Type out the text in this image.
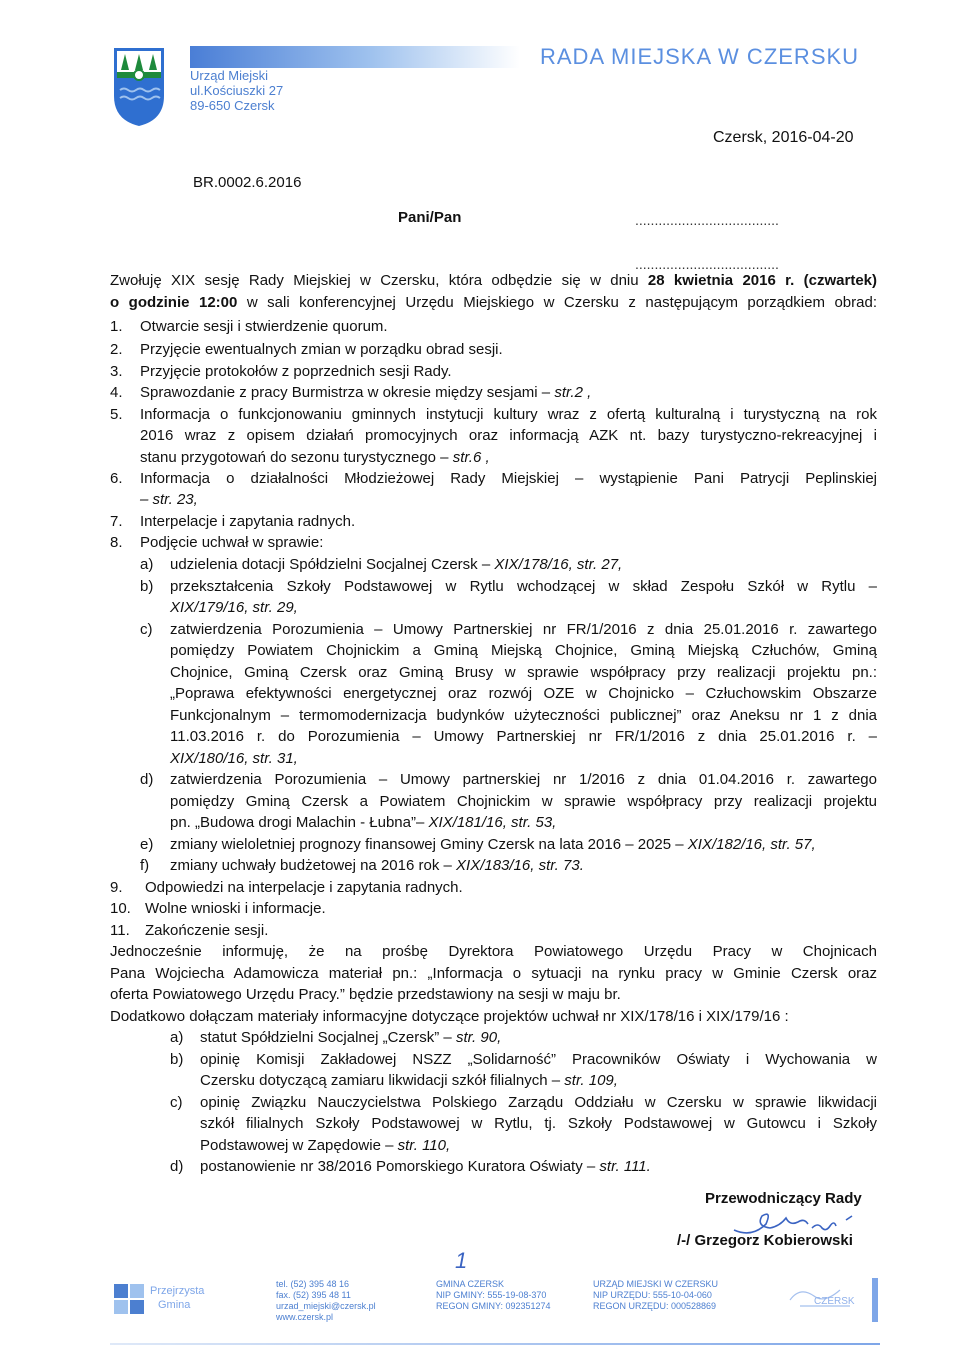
Urząd Miejski
ul.Kościuszki 27
89-650 Czersk
RADA MIEJSKA W CZERSKU
Czersk, 2016-04-20
BR.0002.6.2016
Pani/Pan	.....................................
.....................................
Zwołuję XIX sesję Rady Miejskiej w Czersku, która odbędzie się w dniu 28 kwietnia 2016 r. (czwartek)
o godzinie 12:00 w sali konferencyjnej Urzędu Miejskiego w Czersku z następującym porządkiem obrad:
1. Otwarcie sesji i stwierdzenie quorum.
2. Przyjęcie ewentualnych zmian w porządku obrad sesji.
3. Przyjęcie protokołów z poprzednich sesji Rady.
4. Sprawozdanie z pracy Burmistrza w okresie między sesjami – str.2 ,
5. Informacja o funkcjonowaniu gminnych instytucji kultury wraz z ofertą kulturalną i turystyczną na rok
2016 wraz z opisem działań promocyjnych oraz informacją AZK nt. bazy turystyczno-rekreacyjnej i
stanu przygotowań do sezonu turystycznego – str.6 ,
6. Informacja o działalności Młodzieżowej Rady Miejskiej – wystąpienie Pani Patrycji Peplinskiej
– str. 23,
7. Interpelacje i zapytania radnych.
8. Podjęcie uchwał w sprawie:
a) udzielenia dotacji Spółdzielni Socjalnej Czersk – XIX/178/16, str. 27,
b) przekształcenia Szkoły Podstawowej w Rytlu wchodzącej w skład Zespołu Szkół w Rytlu –
XIX/179/16, str. 29,
c) zatwierdzenia Porozumienia – Umowy Partnerskiej nr FR/1/2016 z dnia 25.01.2016 r. zawartego
pomiędzy Powiatem Chojnickim a Gminą Miejską Chojnice, Gminą Miejską Człuchów, Gminą
Chojnice, Gminą Czersk oraz Gminą Brusy w sprawie współpracy przy realizacji projektu pn.:
„Poprawa efektywności energetycznej oraz rozwój OZE w Chojnicko – Człuchowskim Obszarze
Funkcjonalnym – termomodernizacja budynków użyteczności publicznej” oraz Aneksu nr 1 z dnia
11.03.2016 r. do Porozumienia – Umowy Partnerskiej nr FR/1/2016 z dnia 25.01.2016 r. –
XIX/180/16, str. 31,
d) zatwierdzenia Porozumienia – Umowy partnerskiej nr 1/2016 z dnia 01.04.2016 r. zawartego
pomiędzy Gminą Czersk a Powiatem Chojnickim w sprawie współpracy przy realizacji projektu
pn. „Budowa drogi Malachin - Łubna”– XIX/181/16, str. 53,
e) zmiany wieloletniej prognozy finansowej Gminy Czersk na lata 2016 – 2025 – XIX/182/16, str. 57,
f) zmiany uchwały budżetowej na 2016 rok – XIX/183/16, str. 73.
9. Odpowiedzi na interpelacje i zapytania radnych.
10. Wolne wnioski i informacje.
11. Zakończenie sesji.
Jednocześnie informuję, że na prośbę Dyrektora Powiatowego Urzędu Pracy w Chojnicach
Pana Wojciecha Adamowicza materiał pn.: „Informacja o sytuacji na rynku pracy w Gminie Czersk oraz
oferta Powiatowego Urzędu Pracy.” będzie przedstawiony na sesji w maju br.
Dodatkowo dołączam materiały informacyjne dotyczące projektów uchwał nr XIX/178/16 i XIX/179/16 :
a) statut Spółdzielni Socjalnej „Czersk” – str. 90,
b) opinię Komisji Zakładowej NSZZ „Solidarność” Pracowników Oświaty i Wychowania w
Czersku dotyczącą zamiaru likwidacji szkół filialnych – str. 109,
c) opinię Związku Nauczycielstwa Polskiego Zarządu Oddziału w Czersku w sprawie likwidacji
szkół filialnych Szkoły Podstawowej w Rytlu, tj. Szkoły Podstawowej w Gutowcu i Szkoły
Podstawowej w Zapędowie – str. 110,
d) postanowienie nr 38/2016 Pomorskiego Kuratora Oświaty – str. 111.
Przewodniczący Rady
/-/ Grzegorz Kobierowski
1
Przejrzysta
Gmina
tel. (52) 395 48 16
fax. (52) 395 48 11
urzad_miejski@czersk.pl
www.czersk.pl
GMINA CZERSK
NIP GMINY: 555-19-08-370
REGON GMINY: 092351274
URZĄD MIEJSKI W CZERSKU
NIP URZĘDU: 555-10-04-060
REGON URZĘDU: 000528869	CZERSK
